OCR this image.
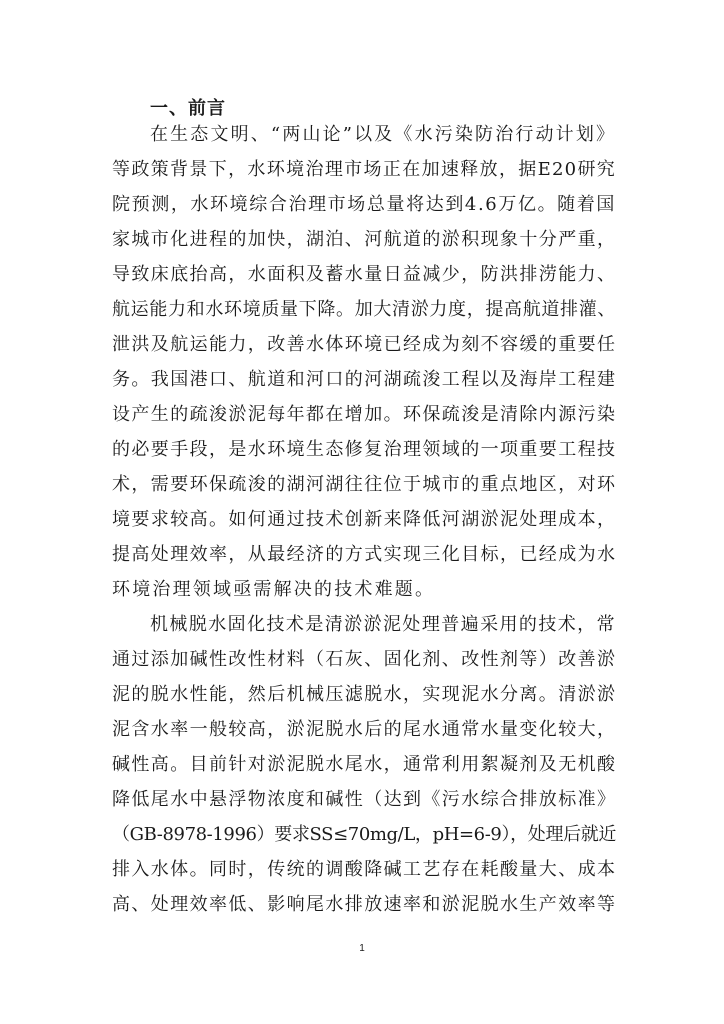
一、前言
在生态文明、“两山论”以及《水污染防治行动计划》
等政策背景下，水环境治理市场正在加速释放，据E20研究
院预测，水环境综合治理市场总量将达到4.6万亿。随着国
家城市化进程的加快，湖泊、河航道的淤积现象十分严重，
导致床底抬高，水面积及蓄水量日益减少，防洪排涝能力、
航运能力和水环境质量下降。加大清淤力度，提高航道排灌、
泄洪及航运能力，改善水体环境已经成为刻不容缓的重要任
务。我国港口、航道和河口的河湖疏浚工程以及海岸工程建
设产生的疏浚淤泥每年都在增加。环保疏浚是清除内源污染
的必要手段，是水环境生态修复治理领域的一项重要工程技
术，需要环保疏浚的湖河湖往往位于城市的重点地区，对环
境要求较高。如何通过技术创新来降低河湖淤泥处理成本，
提高处理效率，从最经济的方式实现三化目标，已经成为水
环境治理领域亟需解决的技术难题。
机械脱水固化技术是清淤淤泥处理普遍采用的技术，常
通过添加碱性改性材料（石灰、固化剂、改性剂等）改善淤
泥的脱水性能，然后机械压滤脱水，实现泥水分离。清淤淤
泥含水率一般较高，淤泥脱水后的尾水通常水量变化较大，
碱性高。目前针对淤泥脱水尾水，通常利用絮凝剂及无机酸
降低尾水中悬浮物浓度和碱性（达到《污水综合排放标准》
（GB-8978-1996）要求SS≤70mg/L，pH=6-9），处理后就近
排入水体。同时，传统的调酸降碱工艺存在耗酸量大、成本
高、处理效率低、影响尾水排放速率和淤泥脱水生产效率等
1
